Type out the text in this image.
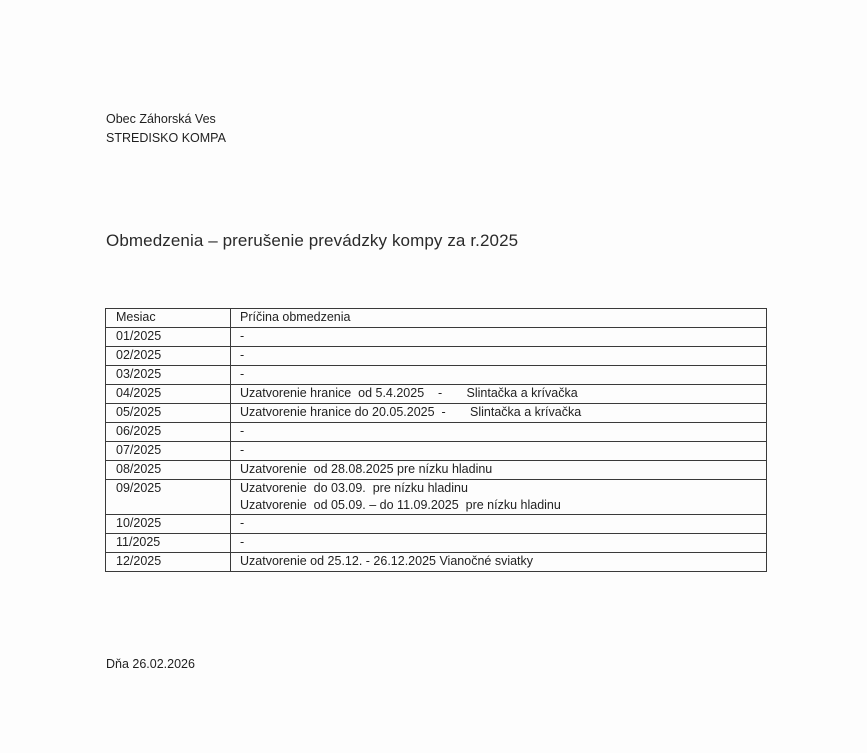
Obec Záhorská Ves
STREDISKO KOMPA
Obmedzenia – prerušenie prevádzky kompy za r.2025
Mesiac	Príčina obmedzenia
01/2025	-

02/2025	-

03/2025	-

04/2025	Uzatvorenie hranice  od 5.4.2025    -       Slintačka a krívačka

05/2025	Uzatvorenie hranice do 20.05.2025  -       Slintačka a krívačka

06/2025	-

07/2025	-

08/2025	Uzatvorenie  od 28.08.2025 pre nízku hladinu

09/2025	Uzatvorenie  do 03.09.  pre nízku hladinu
Uzatvorenie  od 05.09. – do 11.09.2025  pre nízku hladinu

10/2025	-

11/2025	-

12/2025	Uzatvorenie od 25.12. - 26.12.2025 Vianočné sviatky
Dňa 26.02.2026
